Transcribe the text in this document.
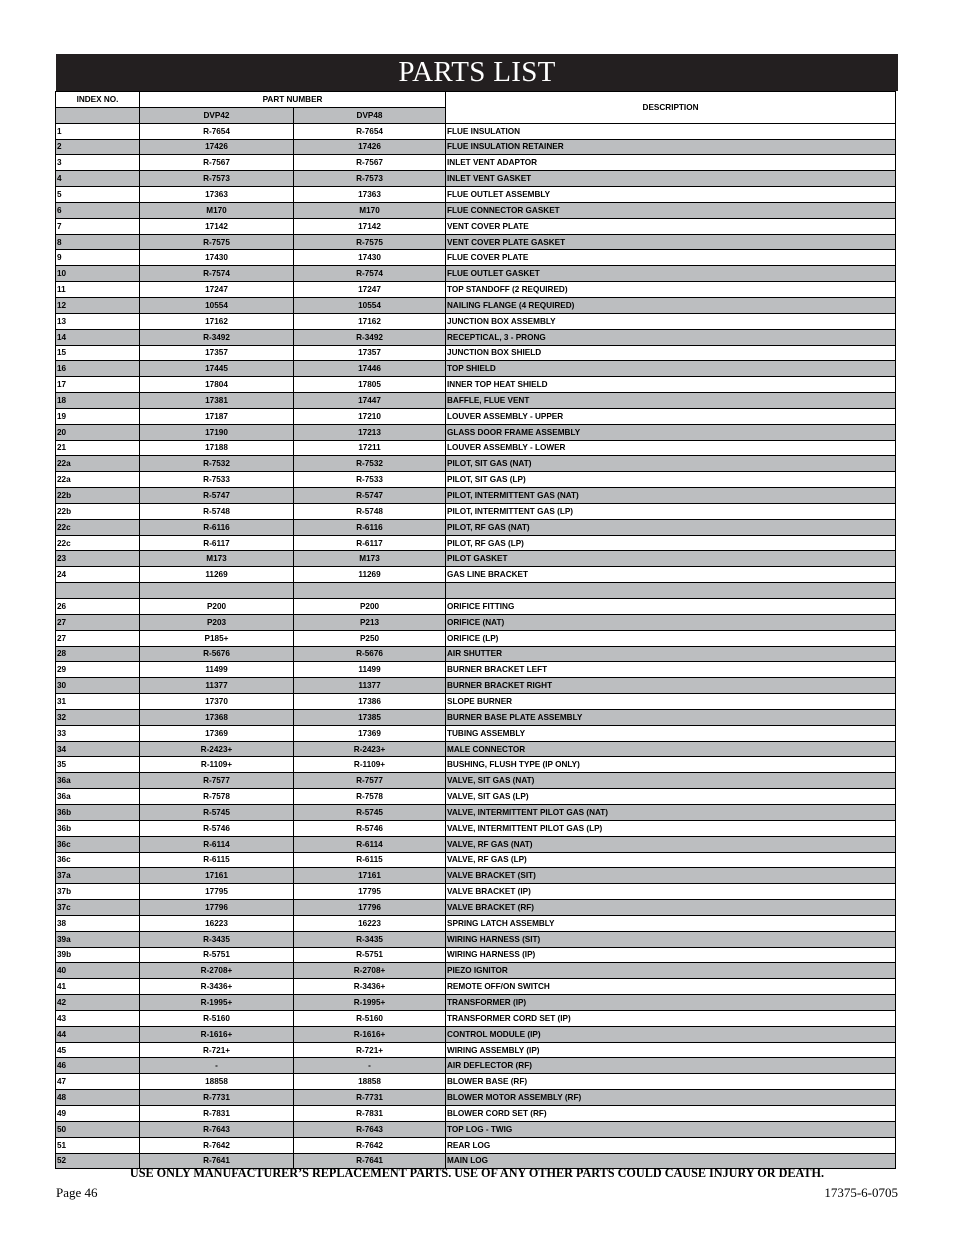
PARTS LIST
INDEX NO.	PART NUMBER		DESCRIPTION
	DVP42	DVP48	
1	R-7654	R-7654	FLUE INSULATION
2	17426	17426	FLUE INSULATION RETAINER
3	R-7567	R-7567	INLET VENT ADAPTOR
4	R-7573	R-7573	INLET VENT GASKET
5	17363	17363	FLUE OUTLET ASSEMBLY
6	M170	M170	FLUE CONNECTOR GASKET
7	17142	17142	VENT COVER PLATE
8	R-7575	R-7575	VENT COVER PLATE GASKET
9	17430	17430	FLUE COVER PLATE
10	R-7574	R-7574	FLUE OUTLET GASKET
11	17247	17247	TOP STANDOFF (2 REQUIRED)
12	10554	10554	NAILING FLANGE (4 REQUIRED)
13	17162	17162	JUNCTION BOX ASSEMBLY
14	R-3492	R-3492	RECEPTICAL, 3 - PRONG
15	17357	17357	JUNCTION BOX SHIELD
16	17445	17446	TOP SHIELD
17	17804	17805	INNER TOP HEAT SHIELD
18	17381	17447	BAFFLE, FLUE VENT
19	17187	17210	LOUVER ASSEMBLY - UPPER
20	17190	17213	GLASS DOOR FRAME ASSEMBLY
21	17188	17211	LOUVER ASSEMBLY - LOWER
22a	R-7532	R-7532	PILOT, SIT GAS (NAT)
22a	R-7533	R-7533	PILOT, SIT GAS (LP)
22b	R-5747	R-5747	PILOT, INTERMITTENT GAS (NAT)
22b	R-5748	R-5748	PILOT, INTERMITTENT GAS (LP)
22c	R-6116	R-6116	PILOT, RF GAS (NAT)
22c	R-6117	R-6117	PILOT, RF GAS (LP)
23	M173	M173	PILOT GASKET
24	11269	11269	GAS LINE BRACKET

26	P200	P200	ORIFICE FITTING
27	P203	P213	ORIFICE (NAT)
27	P185+	P250	ORIFICE (LP)
28	R-5676	R-5676	AIR SHUTTER
29	11499	11499	BURNER BRACKET LEFT
30	11377	11377	BURNER BRACKET RIGHT
31	17370	17386	SLOPE BURNER
32	17368	17385	BURNER BASE PLATE ASSEMBLY
33	17369	17369	TUBING ASSEMBLY
34	R-2423+	R-2423+	MALE CONNECTOR
35	R-1109+	R-1109+	BUSHING, FLUSH TYPE (IP ONLY)
36a	R-7577	R-7577	VALVE, SIT GAS (NAT)
36a	R-7578	R-7578	VALVE, SIT GAS (LP)
36b	R-5745	R-5745	VALVE, INTERMITTENT PILOT GAS (NAT)
36b	R-5746	R-5746	VALVE, INTERMITTENT PILOT GAS (LP)
36c	R-6114	R-6114	VALVE, RF GAS (NAT)
36c	R-6115	R-6115	VALVE, RF GAS (LP)
37a	17161	17161	VALVE BRACKET (SIT)
37b	17795	17795	VALVE BRACKET (IP)
37c	17796	17796	VALVE BRACKET (RF)
38	16223	16223	SPRING LATCH ASSEMBLY
39a	R-3435	R-3435	WIRING HARNESS (SIT)
39b	R-5751	R-5751	WIRING HARNESS (IP)
40	R-2708+	R-2708+	PIEZO IGNITOR
41	R-3436+	R-3436+	REMOTE OFF/ON SWITCH
42	R-1995+	R-1995+	TRANSFORMER (IP)
43	R-5160	R-5160	TRANSFORMER CORD SET (IP)
44	R-1616+	R-1616+	CONTROL MODULE (IP)
45	R-721+	R-721+	WIRING ASSEMBLY (IP)
46	-	-	AIR DEFLECTOR (RF)
47	18858	18858	BLOWER BASE (RF)
48	R-7731	R-7731	BLOWER MOTOR ASSEMBLY (RF)
49	R-7831	R-7831	BLOWER CORD SET (RF)
50	R-7643	R-7643	TOP LOG - TWIG
51	R-7642	R-7642	REAR LOG
52	R-7641	R-7641	MAIN LOG
USE ONLY MANUFACTURER’S REPLACEMENT PARTS. USE OF ANY OTHER PARTS COULD CAUSE INJURY OR DEATH.
Page 46	17375-6-0705
